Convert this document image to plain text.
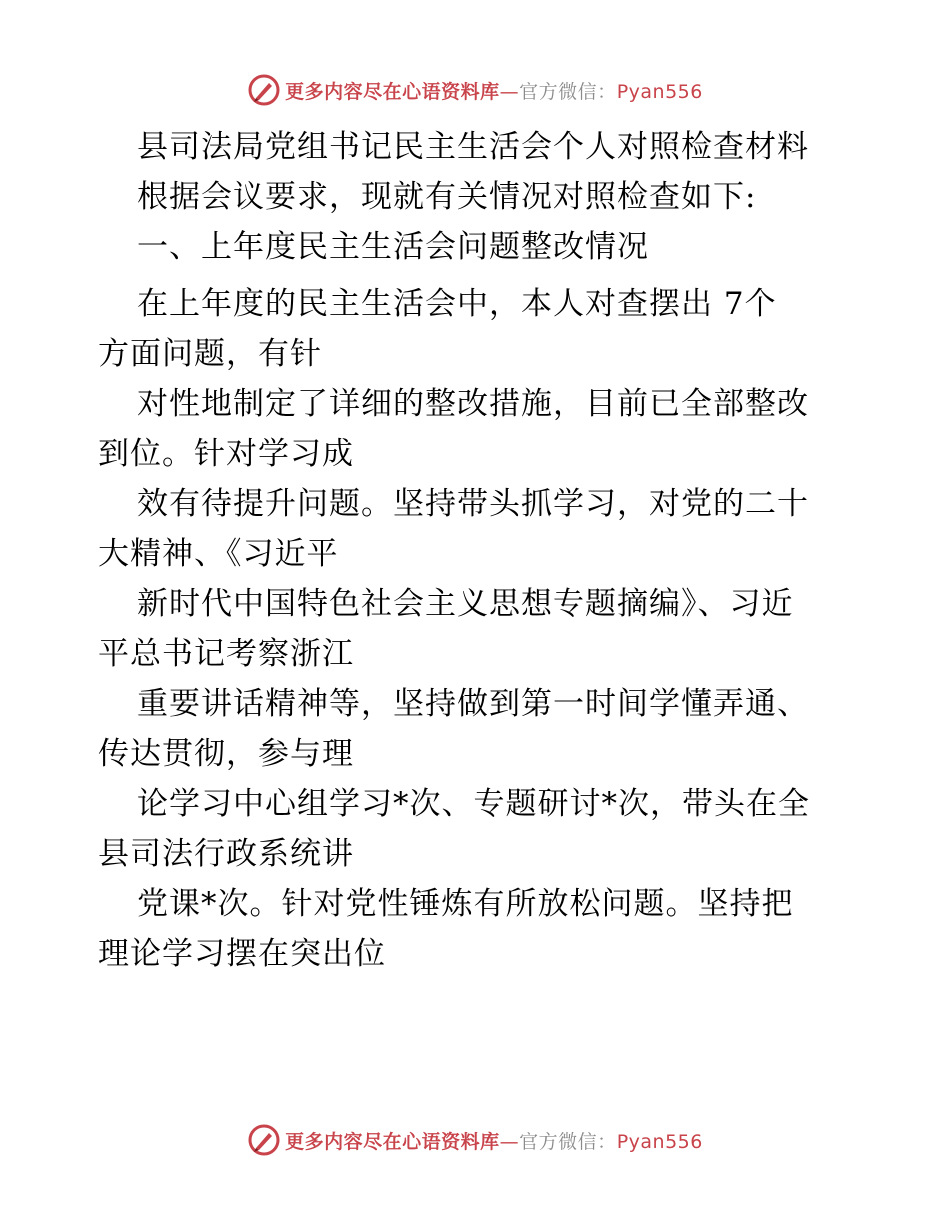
更多内容尽在心语资料库—官方微信：Pyan556
县司法局党组书记民主生活会个人对照检查材料
根据会议要求，现就有关情况对照检查如下:
一、上年度民主生活会问题整改情况
在上年度的民主生活会中，本人对查摆出 7个
方面问题，有针
对性地制定了详细的整改措施，目前已全部整改
到位。针对学习成
效有待提升问题。坚持带头抓学习，对党的二十
大精神、《习近平
新时代中国特色社会主义思想专题摘编》、习近
平总书记考察浙江
重要讲话精神等，坚持做到第一时间学懂弄通、
传达贯彻，参与理
论学习中心组学习*次、专题研讨*次，带头在全
县司法行政系统讲
党课*次。针对党性锤炼有所放松问题。坚持把
理论学习摆在突出位
更多内容尽在心语资料库—官方微信：Pyan556
